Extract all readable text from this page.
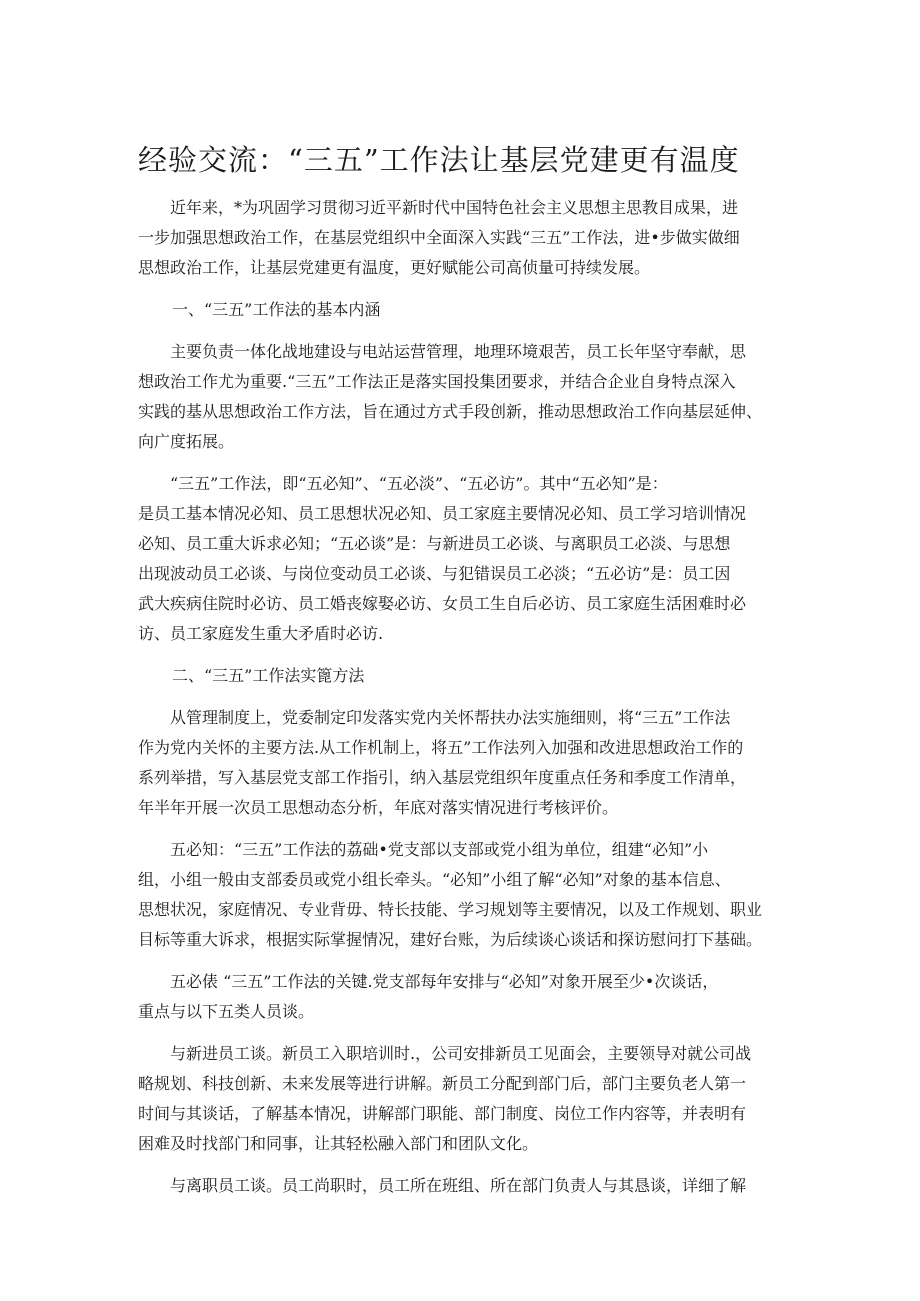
经验交流：“三五”工作法让基层党建更有温度
　　近年来，*为巩固学习贯彻习近平新时代中国特色社会主义思想主思教目成果，进
一步加强思想政治工作，在基层党组织中全面深入实践“三五”工作法，进•步做实做细
思想政治工作，让基层党建更有温度，更好赋能公司高侦量可持续发展。
一、“三五”工作法的基本内涵
　　主要负责一体化战地建设与电站运营管理，地理环境艰苦，员工长年坚守奉献，思
想政治工作尤为重要.“三五”工作法正是落实国投集团要求，并结合企业自身特点深入
实践的基从思想政治工作方法，旨在通过方式手段创新，推动思想政治工作向基层延伸、
向广度拓展。
　　“三五”工作法，即“五必知”、“五必淡”、“五必访”。其中“五必知”是：
是员工基本情况必知、员工思想状况必知、员工家庭主要情况必知、员工学习培训情况
必知、员工重大诉求必知；“五必谈”是：与新进员工必谈、与离职员工必淡、与思想
出现波动员工必谈、与岗位变动员工必谈、与犯错误员工必淡；“五必访”是：员工因
武大疾病住院时必访、员工婚丧嫁娶必访、女员工生自后必访、员工家庭生活困难时必
访、员工家庭发生重大矛盾时必访.
二、“三五”工作法实篦方法
　　从管理制度上，党委制定印发落实党内关怀帮扶办法实施细则，将“三五”工作法
作为党内关怀的主要方法.从工作机制上，将五”工作法列入加强和改进思想政治工作的
系列举措，写入基层党支部工作指引，纳入基层党组织年度重点任务和季度工作清单，
年半年开展一次员工思想动态分析，年底对落实情况进行考核评价。
　　五必知：“三五”工作法的荔础•党支部以支部或党小组为单位，组建“必知”小
组，小组一般由支部委员或党小组长牵头。“必知”小组了解“必知”对象的基本信息、
思想状况，家庭情况、专业背毋、特长技能、学习规划等主要情况，以及工作规划、职业
目标等重大诉求，根据实际掌握情况，建好台账，为后续谈心谈话和探访慰问打下基础。
　　五必俵 “三五”工作法的关键.党支部每年安排与“必知”对象开展至少•次谈话，
重点与以下五类人员谈。
　　与新进员工谈。新员工入职培训时.，公司安排新员工见面会，主要领导对就公司战
略规划、科技创新、未来发展等进行讲解。新员工分配到部门后，部门主要负老人第一
时间与其谈话，了解基本情况，讲解部门职能、部门制度、岗位工作内容等，并表明有
困难及时找部门和同事，让其轻松融入部门和团队文化。
　　与离职员工谈。员工尚职时，员工所在班组、所在部门负责人与其恳谈，详细了解
